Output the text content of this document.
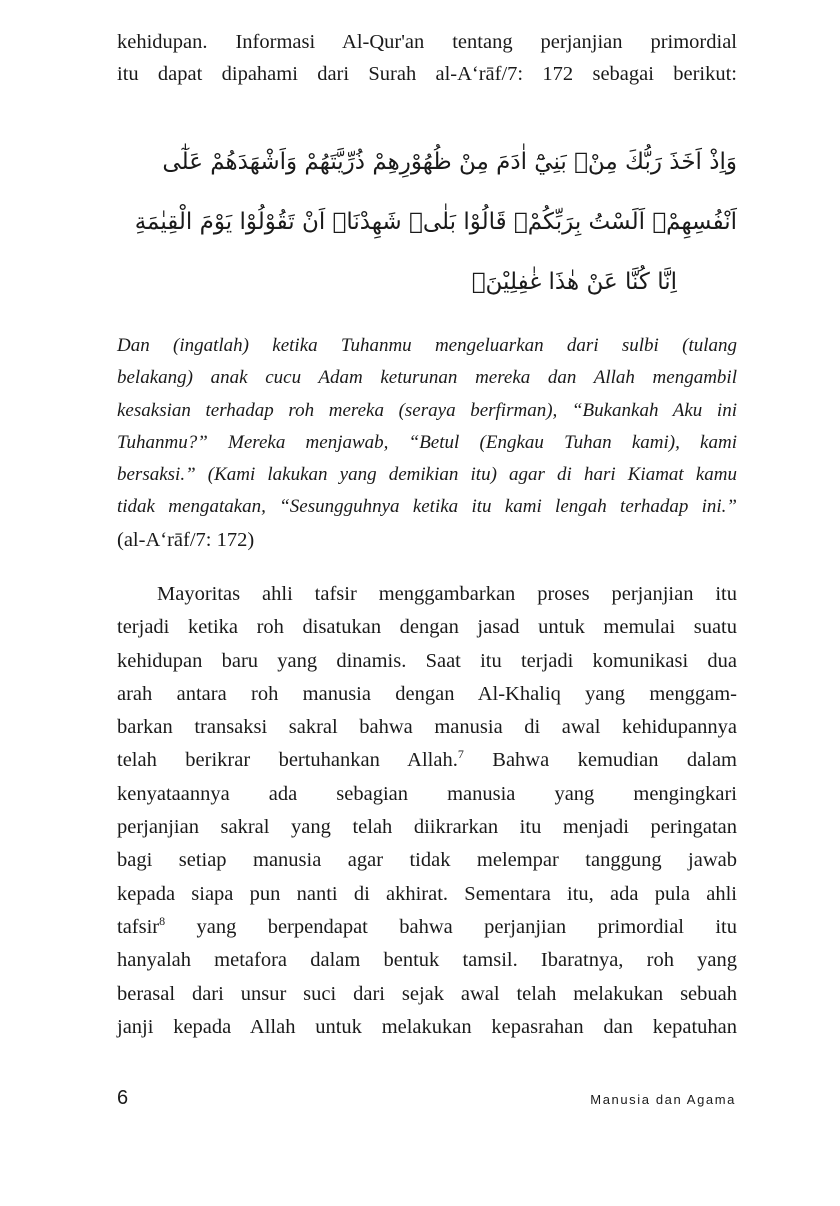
kehidupan. Informasi Al-Qur'an tentang perjanjian primordial
itu dapat dipahami dari Surah al-A‘rāf/7: 172 sebagai berikut:
وَاِذْ اَخَذَ رَبُّكَ مِنْۢ بَنِيْٓ اٰدَمَ مِنْ ظُهُوْرِهِمْ ذُرِّيَّتَهُمْ وَاَشْهَدَهُمْ عَلٰٓى
اَنْفُسِهِمْۚ اَلَسْتُ بِرَبِّكُمْۗ قَالُوْا بَلٰىۛ شَهِدْنَاۛ اَنْ تَقُوْلُوْا يَوْمَ الْقِيٰمَةِ
اِنَّا كُنَّا عَنْ هٰذَا غٰفِلِيْنَۙ
Dan (ingatlah) ketika Tuhanmu mengeluarkan dari sulbi (tulang
belakang) anak cucu Adam keturunan mereka dan Allah mengambil
kesaksian terhadap roh mereka (seraya berfirman), “Bukankah Aku ini
Tuhanmu?” Mereka menjawab, “Betul (Engkau Tuhan kami), kami
bersaksi.” (Kami lakukan yang demikian itu) agar di hari Kiamat kamu
tidak mengatakan, “Sesungguhnya ketika itu kami lengah terhadap ini.”
(al-A‘rāf/7: 172)
Mayoritas ahli tafsir menggambarkan proses perjanjian itu
terjadi ketika roh disatukan dengan jasad untuk memulai suatu
kehidupan baru yang dinamis. Saat itu terjadi komunikasi dua
arah antara roh manusia dengan Al-Khaliq yang menggam-
barkan transaksi sakral bahwa manusia di awal kehidupannya
telah berikrar bertuhankan Allah.$^7$ Bahwa kemudian dalam
kenyataannya ada sebagian manusia yang mengingkari
perjanjian sakral yang telah diikrarkan itu menjadi peringatan
bagi setiap manusia agar tidak melempar tanggung jawab
kepada siapa pun nanti di akhirat. Sementara itu, ada pula ahli
tafsir$^8$ yang berpendapat bahwa perjanjian primordial itu
hanyalah metafora dalam bentuk tamsil. Ibaratnya, roh yang
berasal dari unsur suci dari sejak awal telah melakukan sebuah
janji kepada Allah untuk melakukan kepasrahan dan kepatuhan
6	Manusia dan Agama
